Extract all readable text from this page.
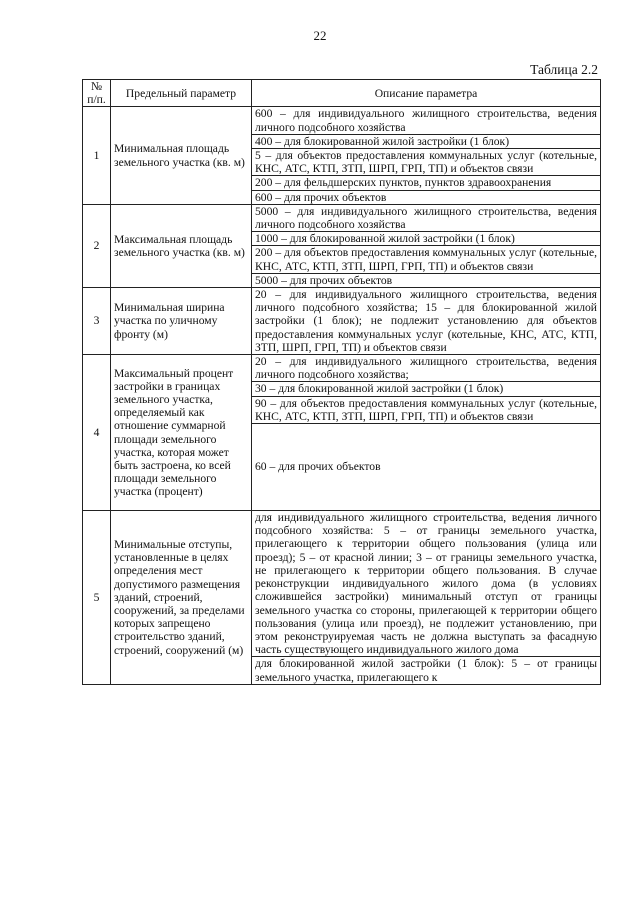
22
Таблица 2.2
№ п/п.	Предельный параметр	Описание параметра
1	Минимальная площадь земельного участка (кв. м)	600 – для индивидуального жилищного строительства, ведения личного подсобного хозяйства
		400 – для блокированной жилой застройки (1 блок)
		5 – для объектов предоставления коммунальных услуг (котельные, КНС, АТС, КТП, ЗТП, ШРП, ГРП, ТП) и объектов связи
		200 – для фельдшерских пунктов, пунктов здравоохранения
		600 – для прочих объектов
2	Максимальная площадь земельного участка (кв. м)	5000 – для индивидуального жилищного строительства, ведения личного подсобного хозяйства
		1000 – для блокированной жилой застройки (1 блок)
		200 – для объектов предоставления коммунальных услуг (котельные, КНС, АТС, КТП, ЗТП, ШРП, ГРП, ТП) и объектов связи
		5000 – для прочих объектов
3	Минимальная ширина участка по уличному фронту (м)	20 – для индивидуального жилищного строительства, ведения личного подсобного хозяйства; 15 – для блокированной жилой застройки (1 блок); не подлежит установлению для объектов предоставления коммунальных услуг (котельные, КНС, АТС, КТП, ЗТП, ШРП, ГРП, ТП) и объектов связи
4	Максимальный процент застройки в границах земельного участка, определяемый как отношение суммарной площади земельного участка, которая может быть застроена, ко всей площади земельного участка (процент)	20 – для индивидуального жилищного строительства, ведения личного подсобного хозяйства;
		30 – для блокированной жилой застройки (1 блок)
		90 – для объектов предоставления коммунальных услуг (котельные, КНС, АТС, КТП, ЗТП, ШРП, ГРП, ТП) и объектов связи
		60 – для прочих объектов
5	Минимальные отступы, установленные в целях определения мест допустимого размещения зданий, строений, сооружений, за пределами которых запрещено строительство зданий, строений, сооружений (м)	для индивидуального жилищного строительства, ведения личного подсобного хозяйства: 5 – от границы земельного участка, прилегающего к территории общего пользования (улица или проезд); 5 – от красной линии; 3 – от границы земельного участка, не прилегающего к территории общего пользования. В случае реконструкции индивидуального жилого дома (в условиях сложившейся застройки) минимальный отступ от границы земельного участка со стороны, прилегающей к территории общего пользования (улица или проезд), не подлежит установлению, при этом реконструируемая часть не должна выступать за фасадную часть существующего индивидуального жилого дома
		для блокированной жилой застройки (1 блок): 5 – от границы земельного участка, прилегающего к
